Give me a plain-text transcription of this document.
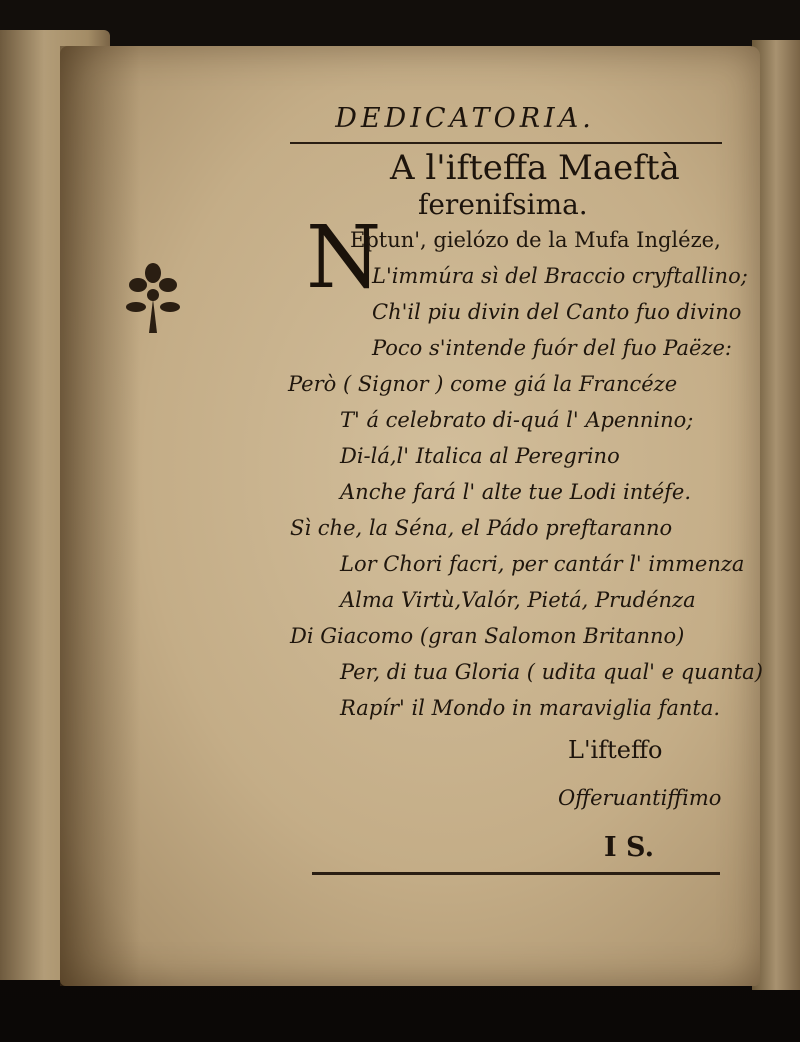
DEDICATORIA.
A l'ifteffa Maeftà
ferenifsima.
N
Eptun', gielózo de la Mufa Ingléze,
L'immúra sì del Braccio cryftallino;
Ch'il piu divin del Canto fuo divino
Poco s'intende fuór del fuo Paëze:
Però ( Signor ) come giá la Francéze
T' á celebrato di-quá l' Apennino;
Di-lá,l' Italica al Peregrino
Anche fará l' alte tue Lodi intéfe.
Sì che, la Séna, el Pádo preftaranno
Lor Chori facri, per cantár l' immenza
Alma Virtù,Valór, Pietá, Prudénza
Di Giacomo (gran Salomon Britanno)
Per, di tua Gloria ( udita qual' e quanta)
Rapír' il Mondo in maraviglia fanta.
L'ifteffo
Offeruantiffimo
I S.
